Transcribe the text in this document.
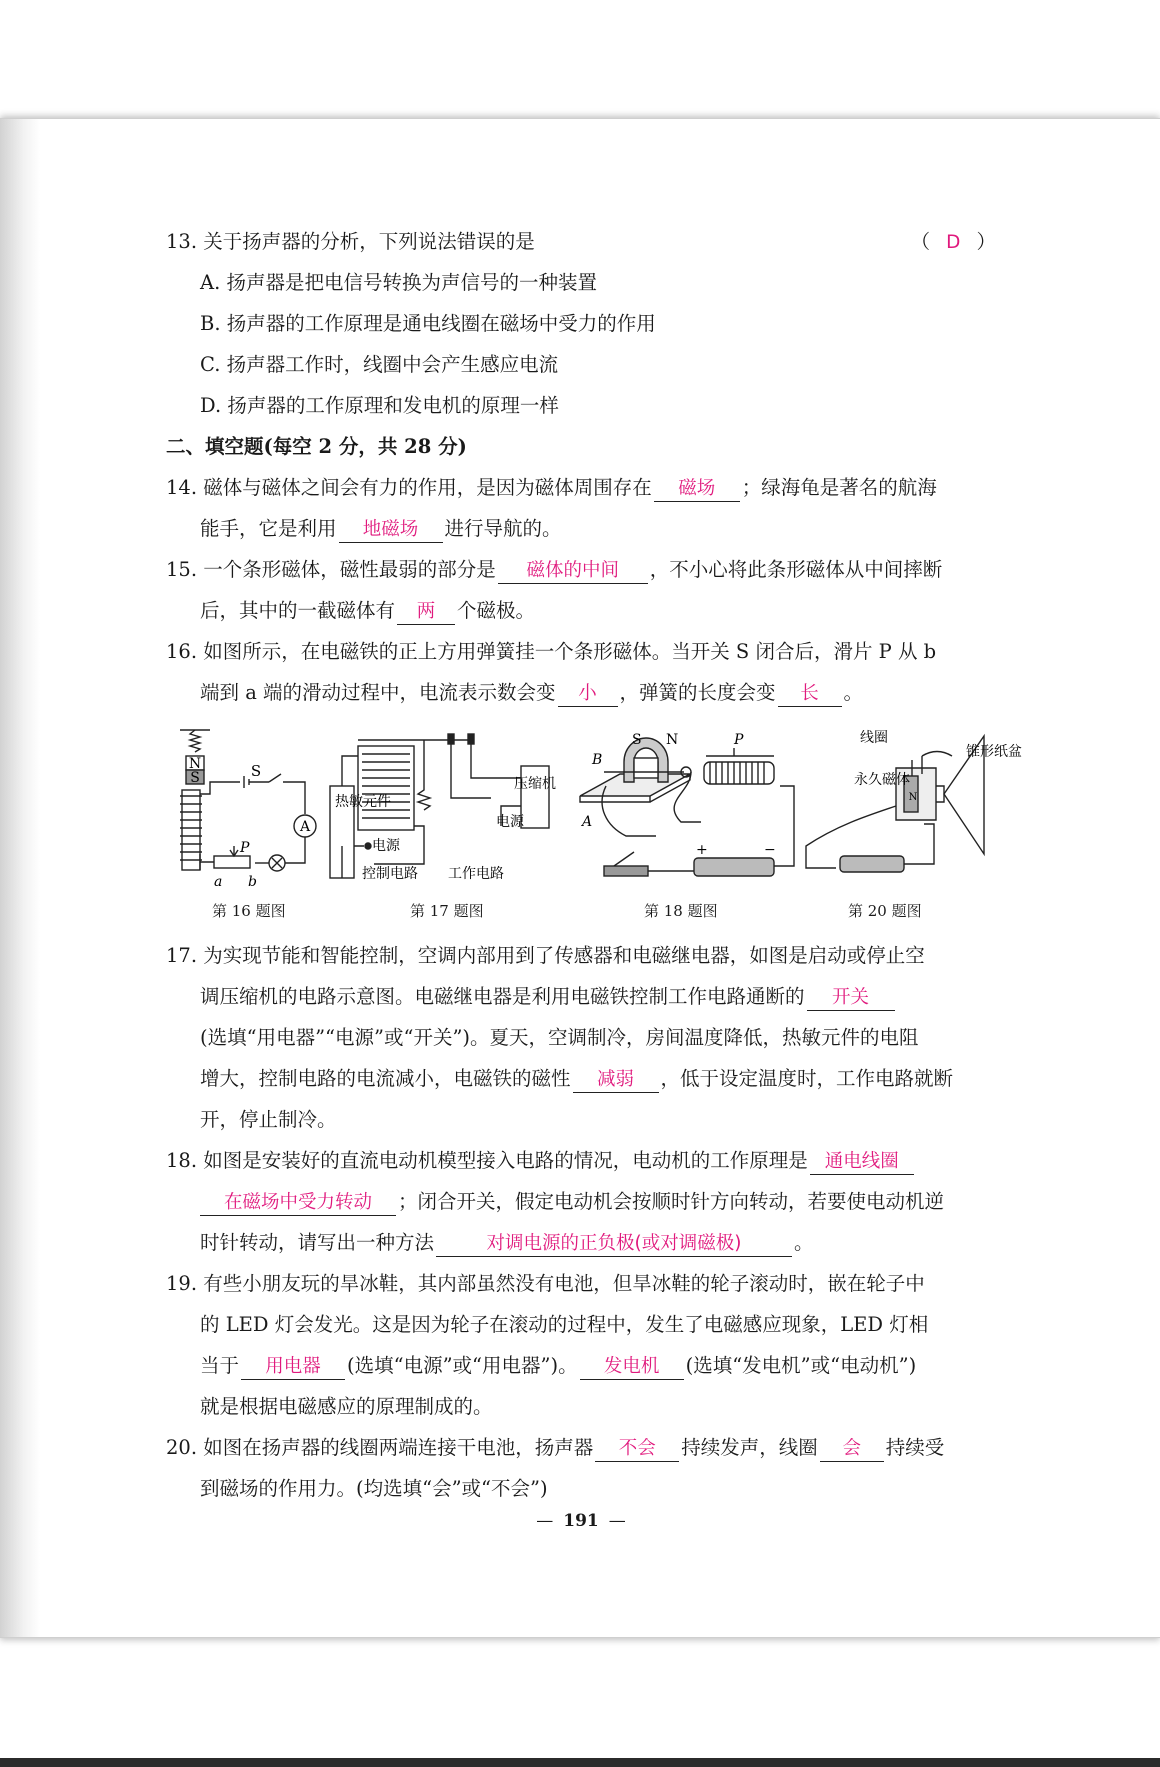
13. 关于扬声器的分析，下列说法错误的是	（ D ）
A. 扬声器是把电信号转换为声信号的一种装置
B. 扬声器的工作原理是通电线圈在磁场中受力的作用
C. 扬声器工作时，线圈中会产生感应电流
D. 扬声器的工作原理和发电机的原理一样
二、填空题(每空 2 分，共 28 分)
14. 磁体与磁体之间会有力的作用，是因为磁体周围存在 磁场 ；绿海龟是著名的航海
能手，它是利用 地磁场 进行导航的。
15. 一个条形磁体，磁性最弱的部分是 磁体的中间 ，不小心将此条形磁体从中间摔断
后，其中的一截磁体有 两 个磁极。
16. 如图所示，在电磁铁的正上方用弹簧挂一个条形磁体。当开关 S 闭合后，滑片 P 从 b
端到 a 端的滑动过程中，电流表示数会变 小 ，弹簧的长度会变 长 。
17. 为实现节能和智能控制，空调内部用到了传感器和电磁继电器，如图是启动或停止空
调压缩机的电路示意图。电磁继电器是利用电磁铁控制工作电路通断的 开关
(选填“用电器”“电源”或“开关”)。夏天，空调制冷，房间温度降低，热敏元件的电阻
增大，控制电路的电流减小，电磁铁的磁性 减弱 ，低于设定温度时，工作电路就断
开，停止制冷。
18. 如图是安装好的直流电动机模型接入电路的情况，电动机的工作原理是 通电线圈
在磁场中受力转动 ；闭合开关，假定电动机会按顺时针方向转动，若要使电动机逆
时针转动，请写出一种方法	对调电源的正负极(或对调磁极)	。
19. 有些小朋友玩的旱冰鞋，其内部虽然没有电池，但旱冰鞋的轮子滚动时，嵌在轮子中
的 LED 灯会发光。这是因为轮子在滚动的过程中，发生了电磁感应现象，LED 灯相
当于 用电器 (选填“电源”或“用电器”)。 发电机 (选填“发电机”或“电动机”)
就是根据电磁感应的原理制成的。
20. 如图在扬声器的线圈两端连接干电池，扬声器 不会 持续发声，线圈 会 持续受
到磁场的作用力。(均选填“会”或“不会”)
— 191 —
N
S	S
A
P
a b
第 16 题图
热敏元件
电源
电源
压缩机
控制电路 工作电路
第 17 题图
S N
B
A
P
+	−
第 18 题图
线圈
永久磁体
N
锥形纸盆
第 20 题图
